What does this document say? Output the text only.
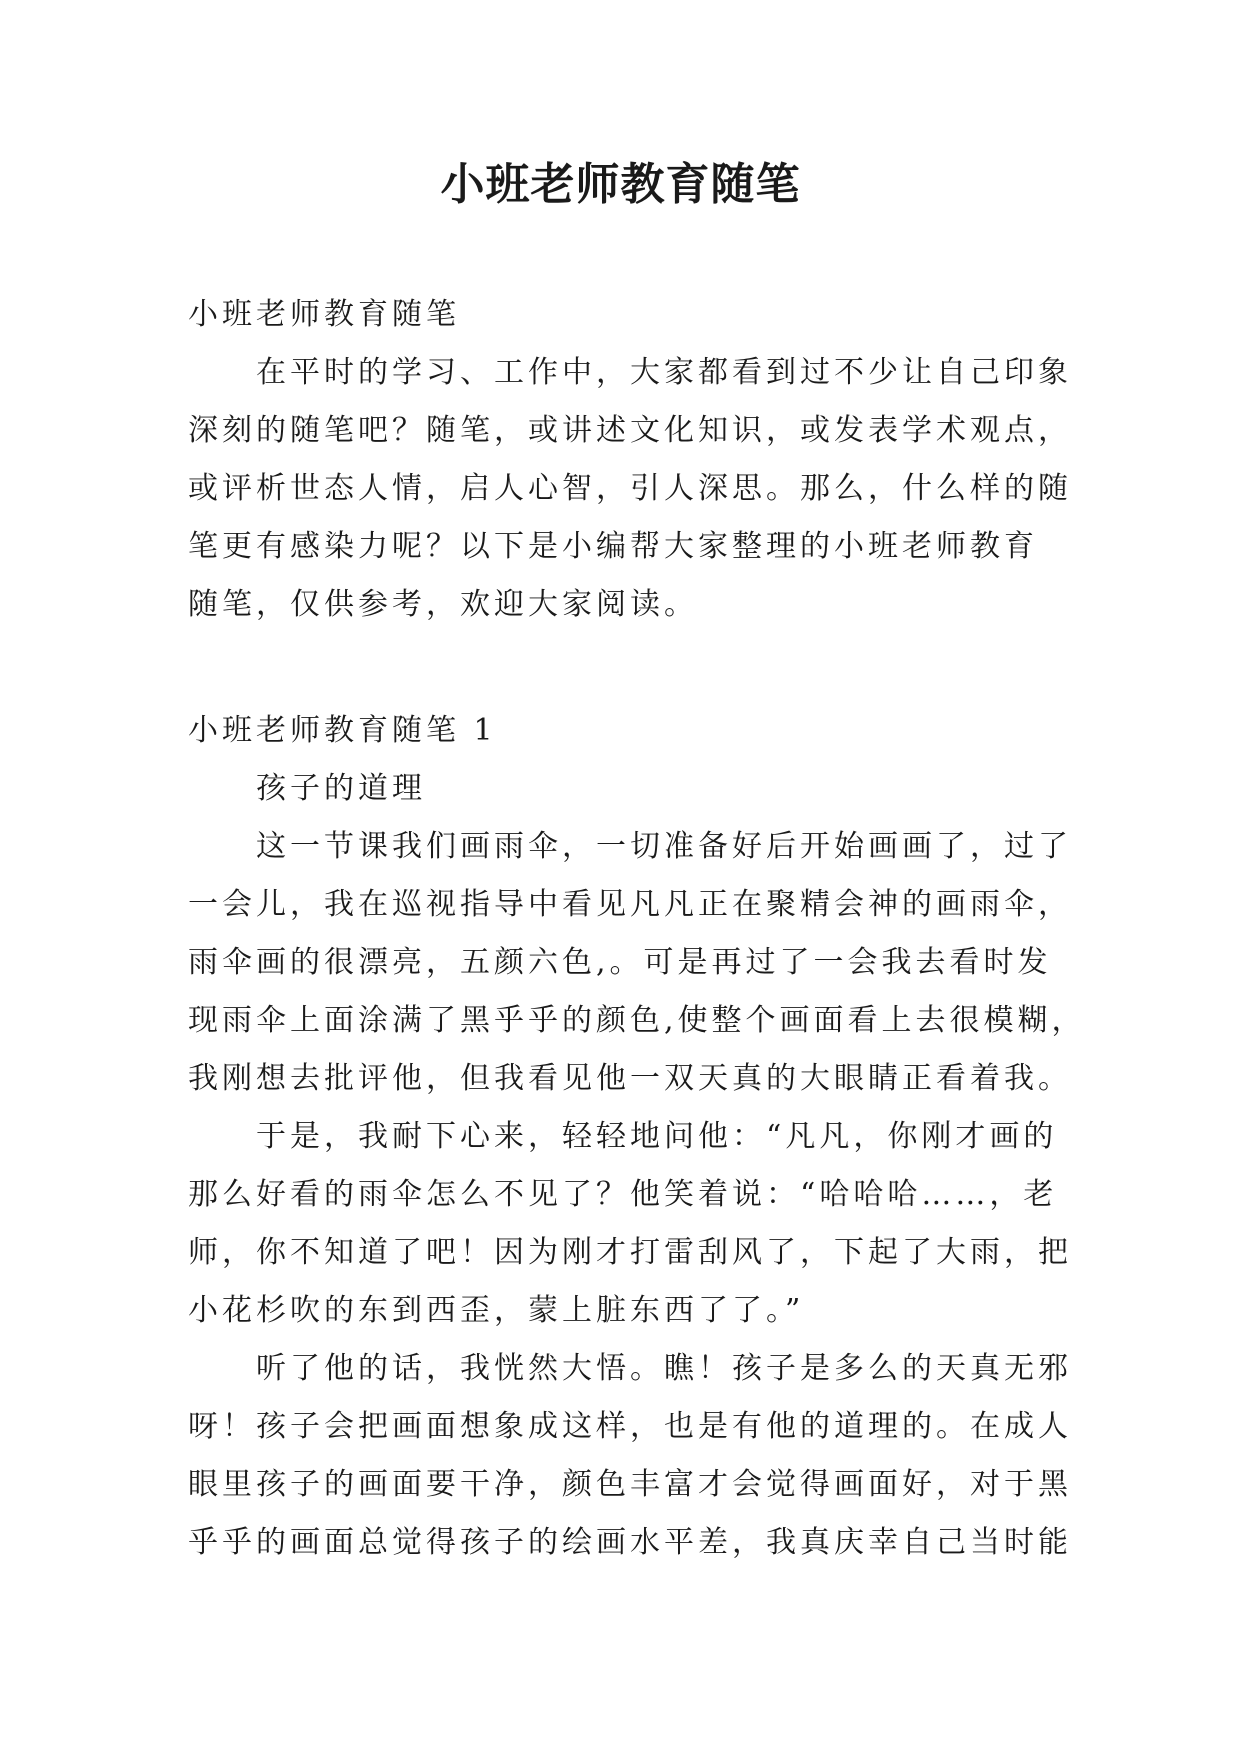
小班老师教育随笔
小班老师教育随笔
在平时的学习、工作中，大家都看到过不少让自己印象
深刻的随笔吧？随笔，或讲述文化知识，或发表学术观点，
或评析世态人情，启人心智，引人深思。那么，什么样的随
笔更有感染力呢？以下是小编帮大家整理的小班老师教育
随笔，仅供参考，欢迎大家阅读。
小班老师教育随笔 1
孩子的道理
这一节课我们画雨伞，一切准备好后开始画画了，过了
一会儿，我在巡视指导中看见凡凡正在聚精会神的画雨伞，
雨伞画的很漂亮，五颜六色,。可是再过了一会我去看时发
现雨伞上面涂满了黑乎乎的颜色,使整个画面看上去很模糊，
我刚想去批评他，但我看见他一双天真的大眼睛正看着我。
于是，我耐下心来，轻轻地问他：“凡凡，你刚才画的
那么好看的雨伞怎么不见了？他笑着说：“哈哈哈……，老
师，你不知道了吧！因为刚才打雷刮风了，下起了大雨，把
小花杉吹的东到西歪，蒙上脏东西了了。”
听了他的话，我恍然大悟。瞧！孩子是多么的天真无邪
呀！孩子会把画面想象成这样，也是有他的道理的。在成人
眼里孩子的画面要干净，颜色丰富才会觉得画面好，对于黑
乎乎的画面总觉得孩子的绘画水平差，我真庆幸自己当时能
